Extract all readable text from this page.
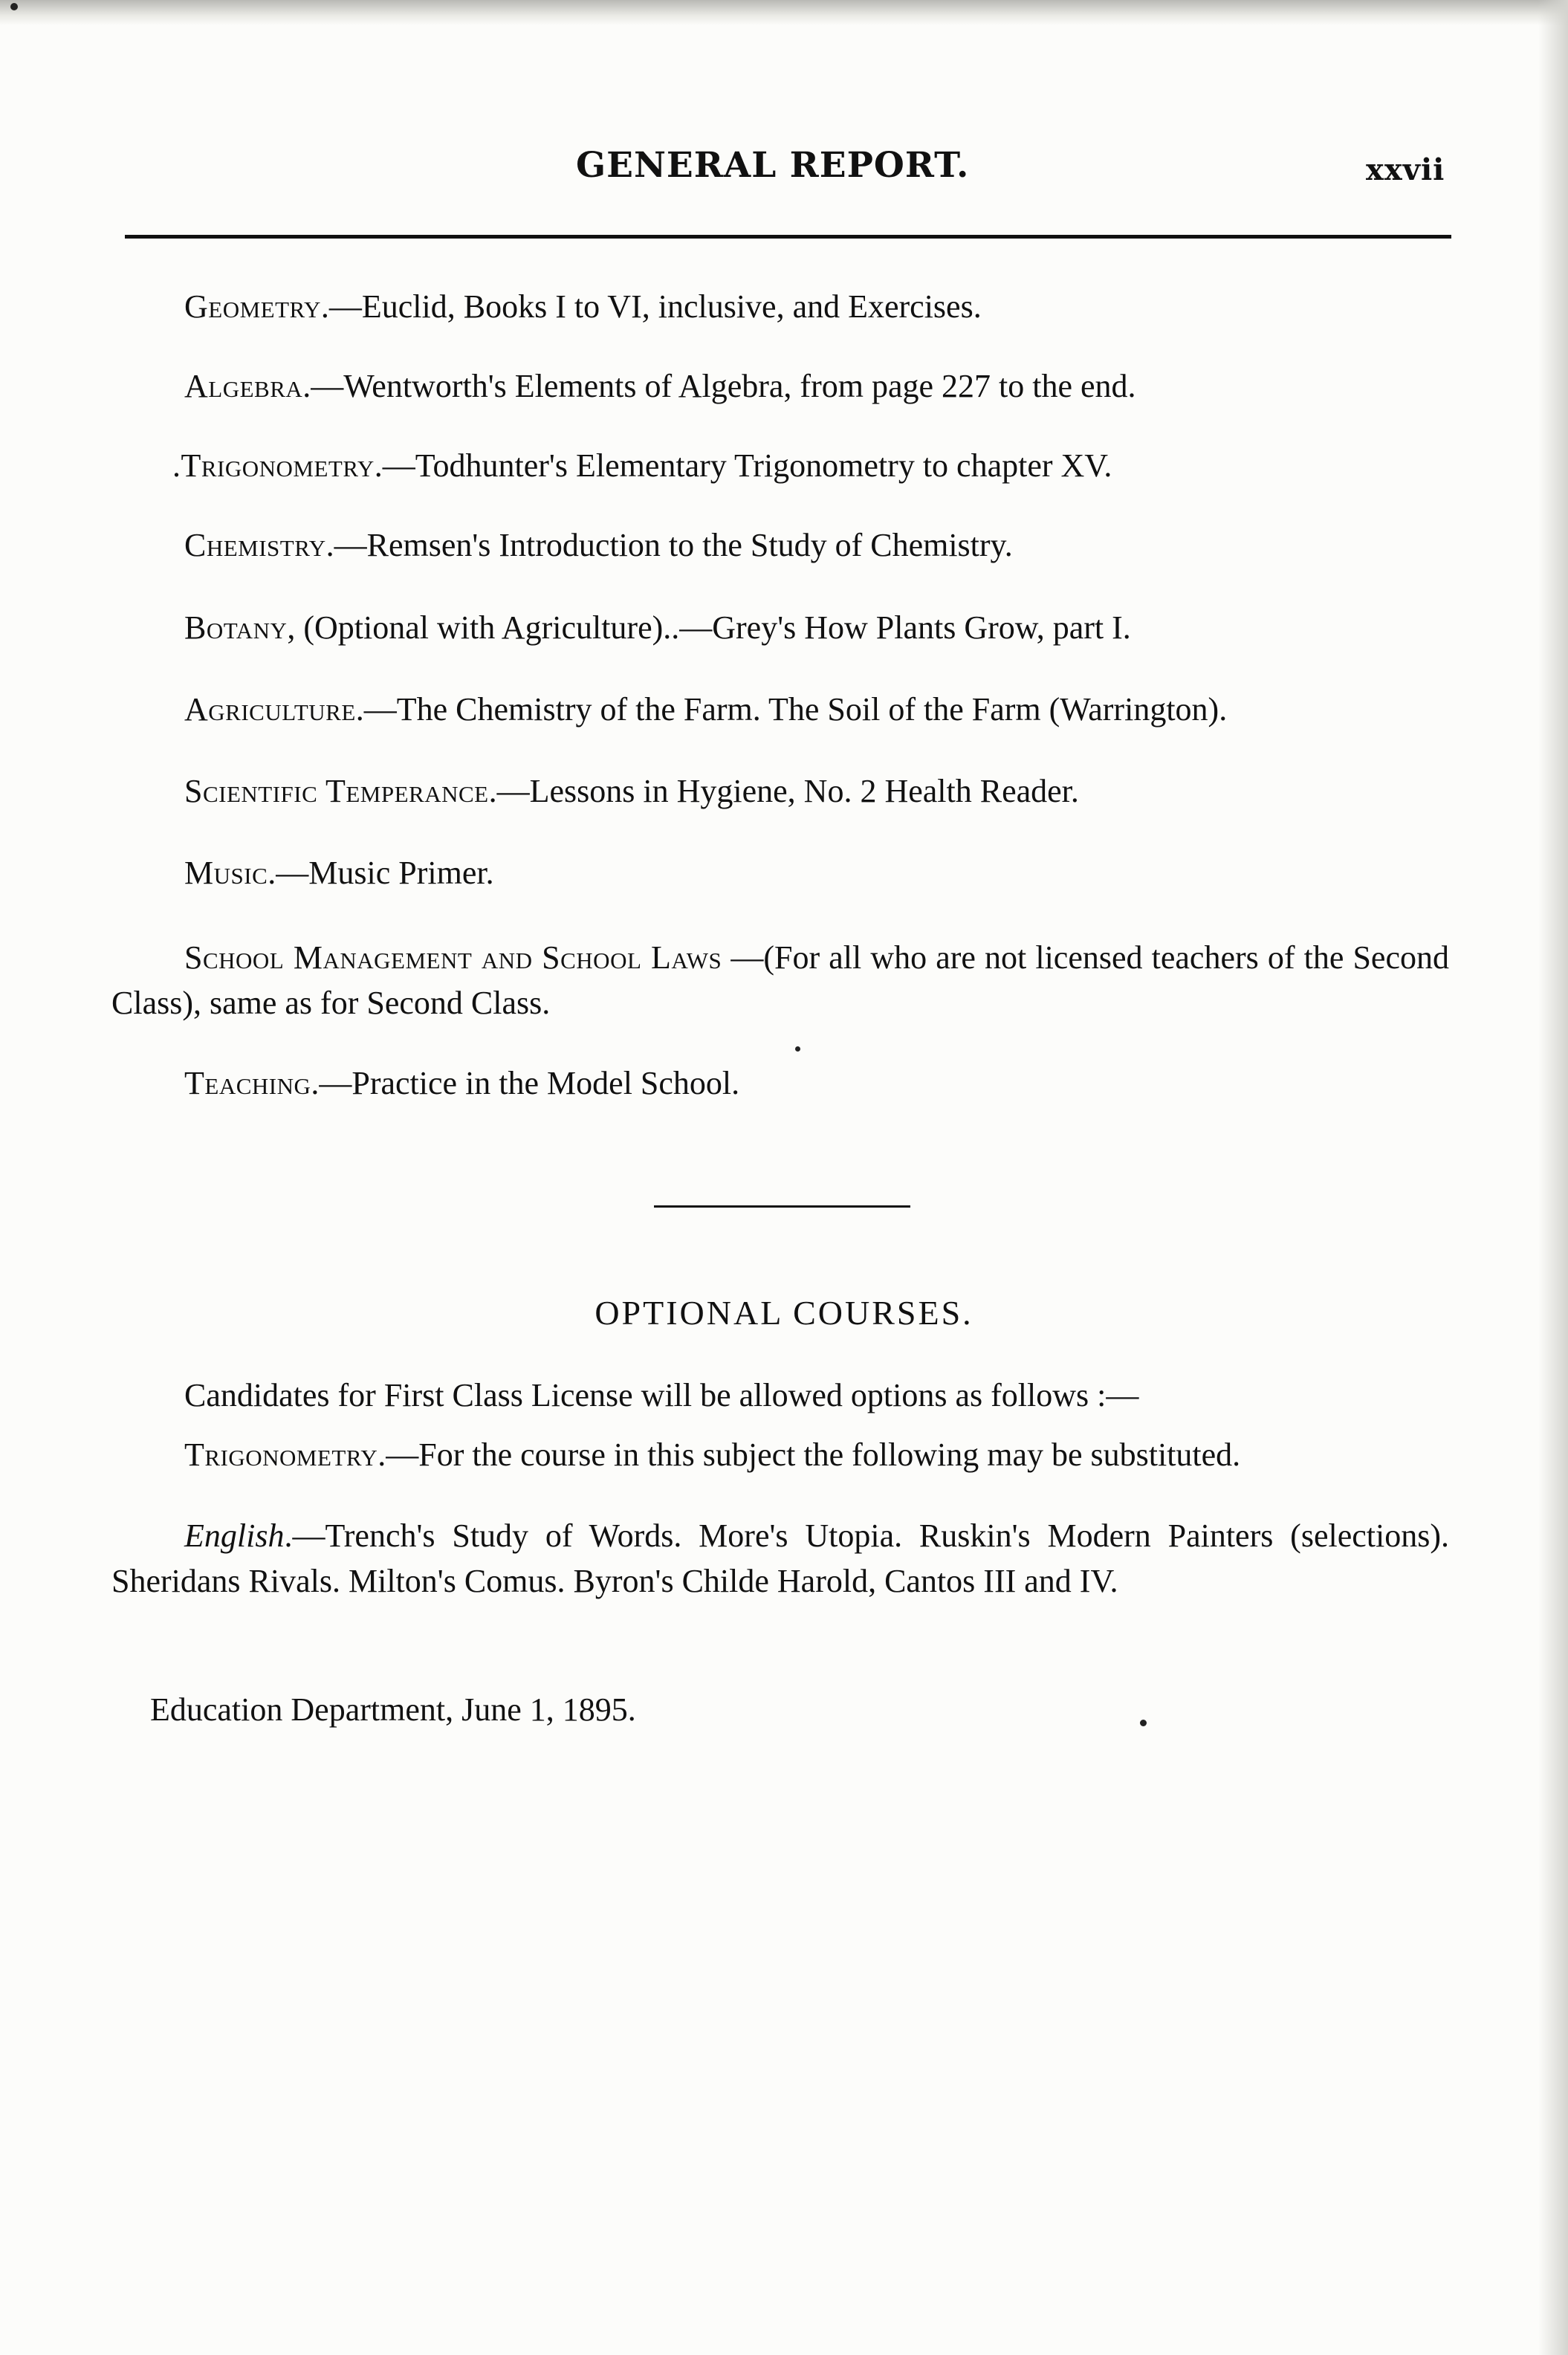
GENERAL REPORT.	xxvii
Geometry.—Euclid, Books I to VI, inclusive, and Exercises.
Algebra.—Wentworth's Elements of Algebra, from page 227 to the end.
.Trigonometry.—Todhunter's Elementary Trigonometry to chapter XV.
Chemistry.—Remsen's Introduction to the Study of Chemistry.
Botany, (Optional with Agriculture)..—Grey's How Plants Grow, part I.
Agriculture.—The Chemistry of the Farm. The Soil of the Farm (Warrington).
Scientific Temperance.—Lessons in Hygiene, No. 2 Health Reader.
Music.—Music Primer.
School Management and School Laws —(For all who are not licensed teachers of the Second Class), same as for Second Class.
Teaching.—Practice in the Model School.
OPTIONAL COURSES.
Candidates for First Class License will be allowed options as follows :—
Trigonometry.—For the course in this subject the following may be substituted.
English.—Trench's Study of Words. More's Utopia. Ruskin's Modern Painters (selections). Sheridans Rivals. Milton's Comus. Byron's Childe Harold, Cantos III and IV.
Education Department, June 1, 1895.
